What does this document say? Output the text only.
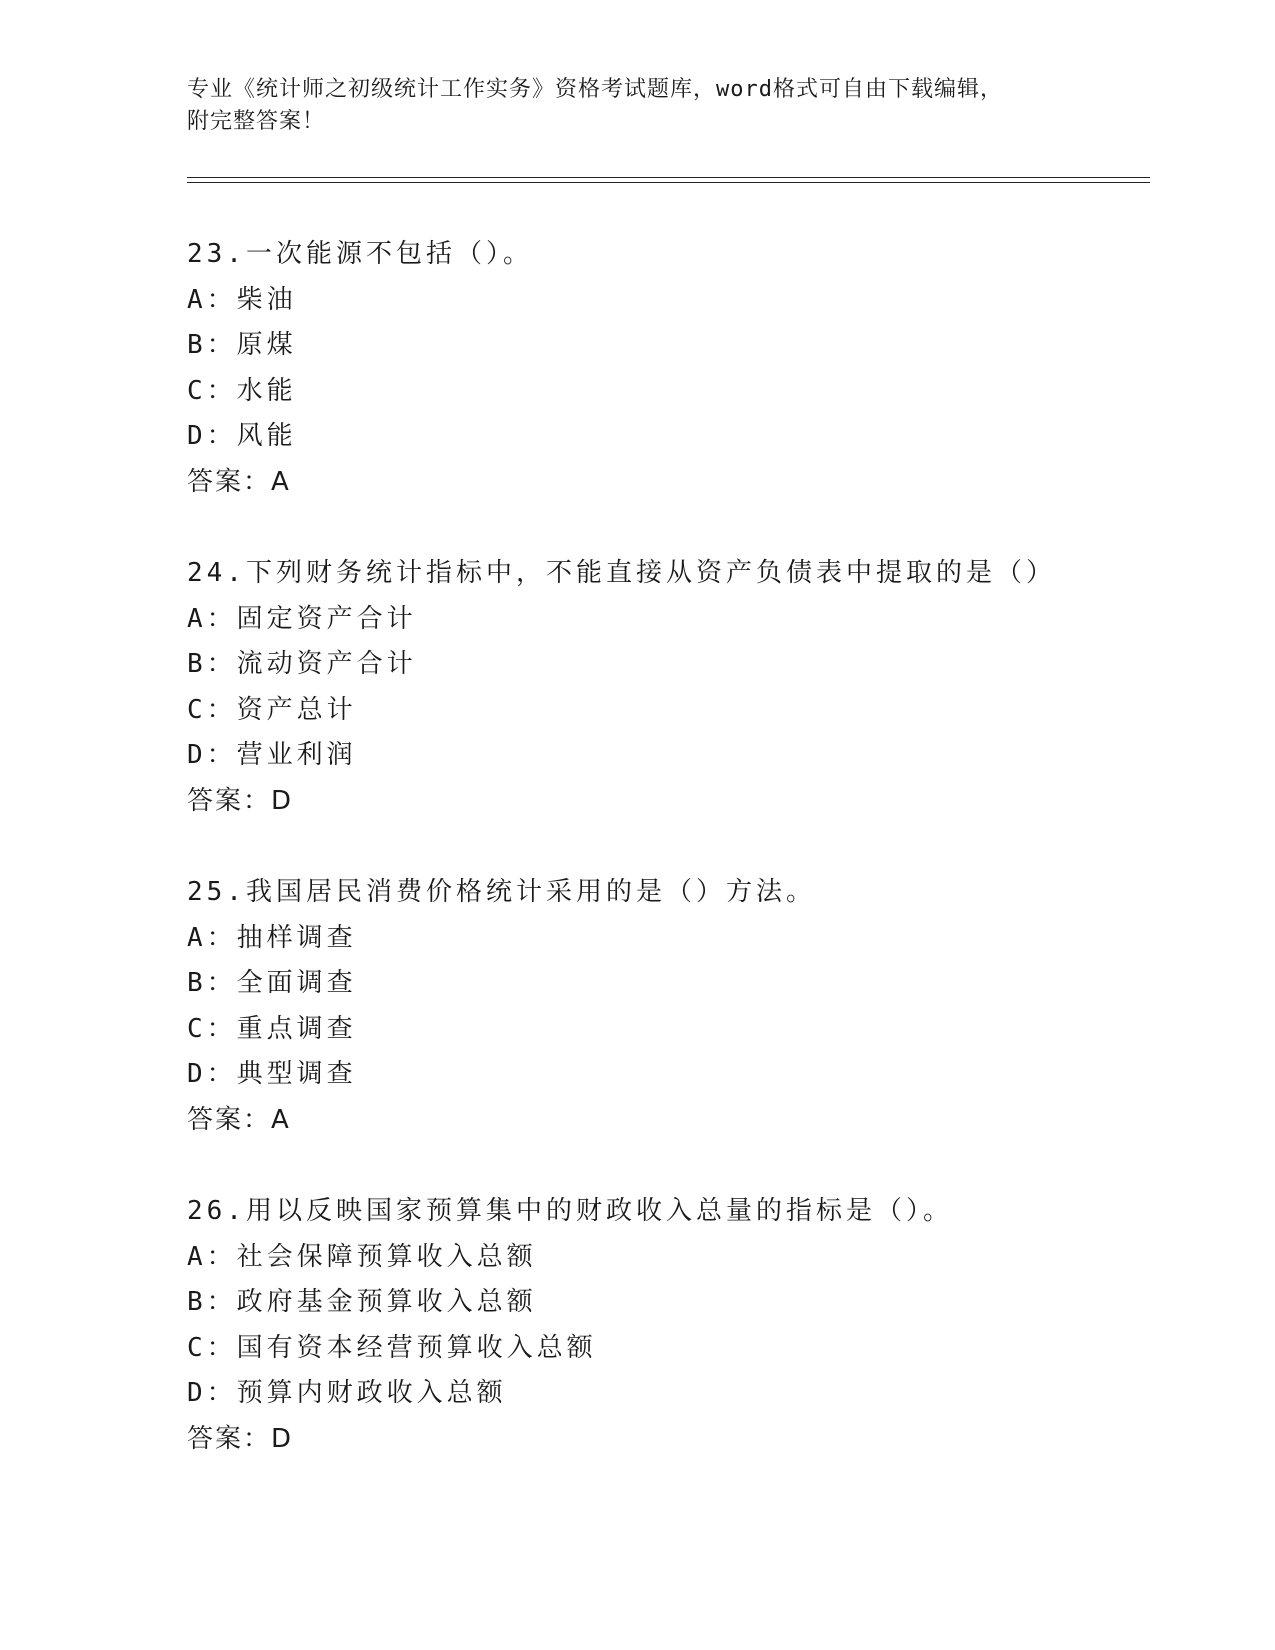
专业《统计师之初级统计工作实务》资格考试题库，word格式可自由下载编辑，
附完整答案！
23.一次能源不包括（）。
A：柴油
B：原煤
C：水能
D：风能
答案：A
24.下列财务统计指标中，不能直接从资产负债表中提取的是（）
A：固定资产合计
B：流动资产合计
C：资产总计
D：营业利润
答案：D
25.我国居民消费价格统计采用的是（）方法。
A：抽样调查
B：全面调查
C：重点调查
D：典型调查
答案：A
26.用以反映国家预算集中的财政收入总量的指标是（）。
A：社会保障预算收入总额
B：政府基金预算收入总额
C：国有资本经营预算收入总额
D：预算内财政收入总额
答案：D
